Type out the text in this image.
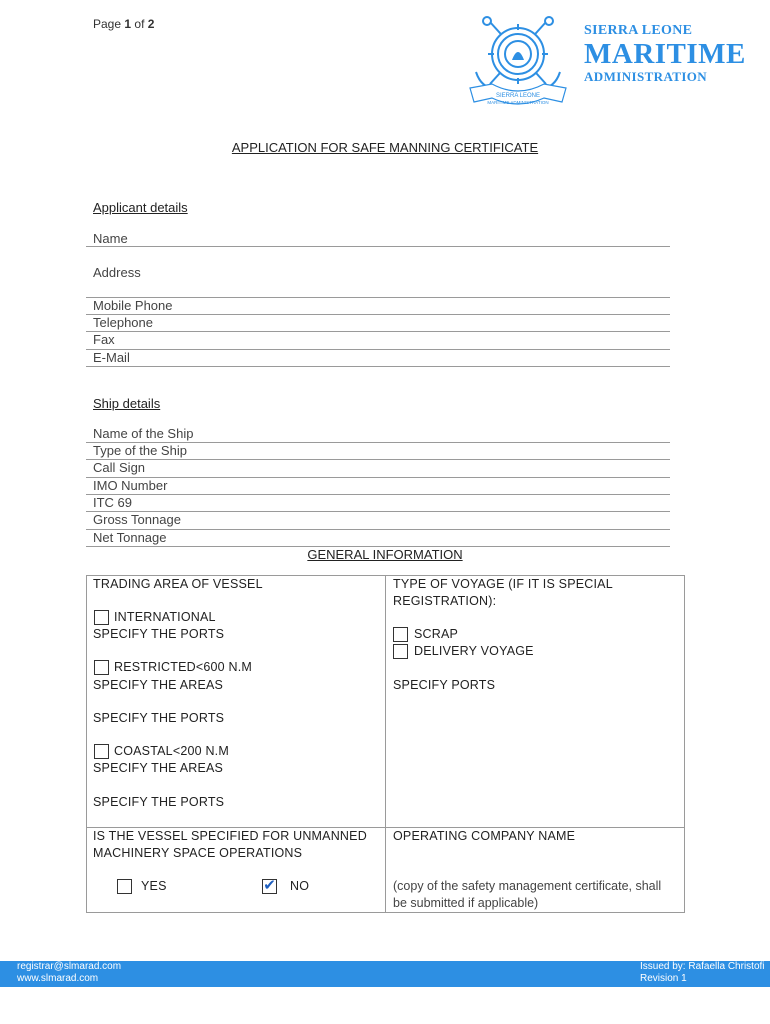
Page 1 of 2
SIERRA LEONE
MARITIME ADMINISTRATION
SIERRA LEONE
MARITIME
ADMINISTRATION
APPLICATION FOR SAFE MANNING CERTIFICATE
Applicant details
Name
Address
Mobile Phone
Telephone
Fax
E-Mail
Ship details
Name of the Ship
Type of the Ship
Call Sign
IMO Number
ITC 69
Gross Tonnage
Net Tonnage
GENERAL INFORMATION
TRADING AREA OF VESSEL
INTERNATIONAL
SPECIFY THE PORTS
RESTRICTED<600 N.M
SPECIFY THE AREAS
SPECIFY THE PORTS
COASTAL<200 N.M
SPECIFY THE AREAS
SPECIFY THE PORTS
TYPE OF VOYAGE (IF IT IS SPECIAL
REGISTRATION):
SCRAP
DELIVERY VOYAGE
SPECIFY PORTS
IS THE VESSEL SPECIFIED FOR UNMANNED
MACHINERY SPACE OPERATIONS
YES	✔ NO
OPERATING COMPANY NAME
(copy of the safety management certificate, shall
be submitted if applicable)
registrar@slmarad.com
www.slmarad.com
Issued by: Rafaella Christofi
Revision 1
